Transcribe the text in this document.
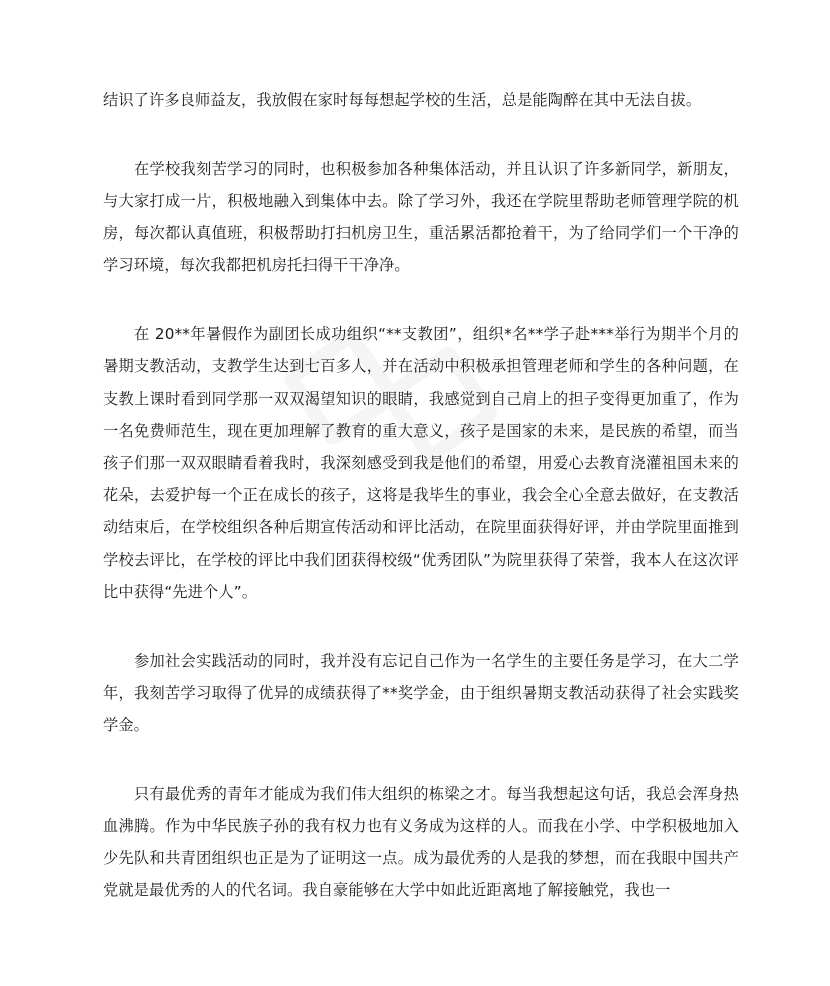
结识了许多良师益友，我放假在家时每每想起学校的生活，总是能陶醉在其中无法自拔。

在学校我刻苦学习的同时，也积极参加各种集体活动，并且认识了许多新同学，新朋友，与大家打成一片，积极地融入到集体中去。除了学习外，我还在学院里帮助老师管理学院的机房，每次都认真值班，积极帮助打扫机房卫生，重活累活都抢着干，为了给同学们一个干净的学习环境，每次我都把机房托扫得干干净净。

在 20**年暑假作为副团长成功组织“**支教团”，组织*名**学子赴***举行为期半个月的暑期支教活动，支教学生达到七百多人，并在活动中积极承担管理老师和学生的各种问题，在支教上课时看到同学那一双双渴望知识的眼睛，我感觉到自己肩上的担子变得更加重了，作为一名免费师范生，现在更加理解了教育的重大意义，孩子是国家的未来，是民族的希望，而当孩子们那一双双眼睛看着我时，我深刻感受到我是他们的希望，用爱心去教育浇灌祖国未来的花朵，去爱护每一个正在成长的孩子，这将是我毕生的事业，我会全心全意去做好，在支教活动结束后，在学校组织各种后期宣传活动和评比活动，在院里面获得好评，并由学院里面推到学校去评比，在学校的评比中我们团获得校级“优秀团队”为院里获得了荣誉，我本人在这次评比中获得“先进个人”。

参加社会实践活动的同时，我并没有忘记自己作为一名学生的主要任务是学习，在大二学年，我刻苦学习取得了优异的成绩获得了**奖学金，由于组织暑期支教活动获得了社会实践奖学金。

只有最优秀的青年才能成为我们伟大组织的栋梁之才。每当我想起这句话，我总会浑身热血沸腾。作为中华民族子孙的我有权力也有义务成为这样的人。而我在小学、中学积极地加入少先队和共青团组织也正是为了证明这一点。成为最优秀的人是我的梦想，而在我眼中国共产党就是最优秀的人的代名词。我自豪能够在大学中如此近距离地了解接触党，我也一
